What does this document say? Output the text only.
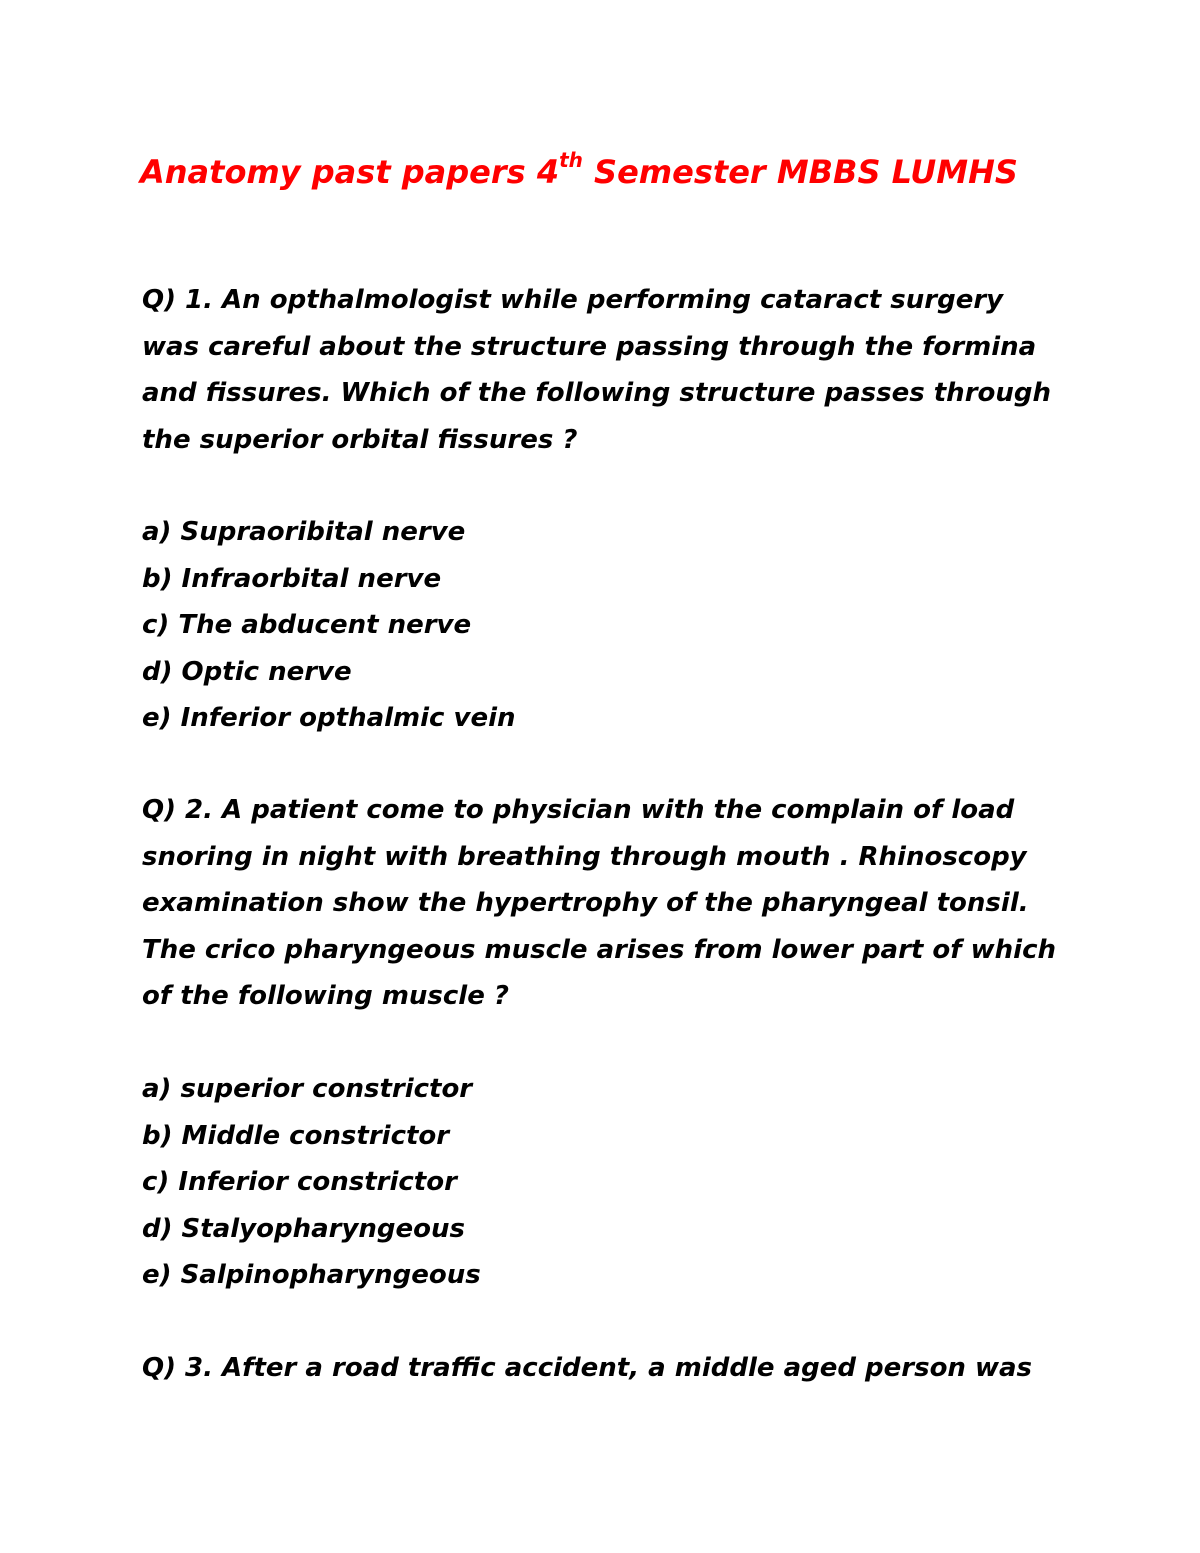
Anatomy past papers 4th Semester MBBS LUMHS
Q) 1. An opthalmologist while performing cataract surgery
was careful about the structure passing through the formina
and fissures. Which of the following structure passes through
the superior orbital fissures ?
a) Supraoribital nerve
b) Infraorbital nerve
c) The abducent nerve
d) Optic nerve
e) Inferior opthalmic vein
Q) 2. A patient come to physician with the complain of load
snoring in night with breathing through mouth . Rhinoscopy
examination show the hypertrophy of the pharyngeal tonsil.
The crico pharyngeous muscle arises from lower part of which
of the following muscle ?
a) superior constrictor
b) Middle constrictor
c) Inferior constrictor
d) Stalyopharyngeous
e) Salpinopharyngeous
Q) 3. After a road traffic accident, a middle aged person was
